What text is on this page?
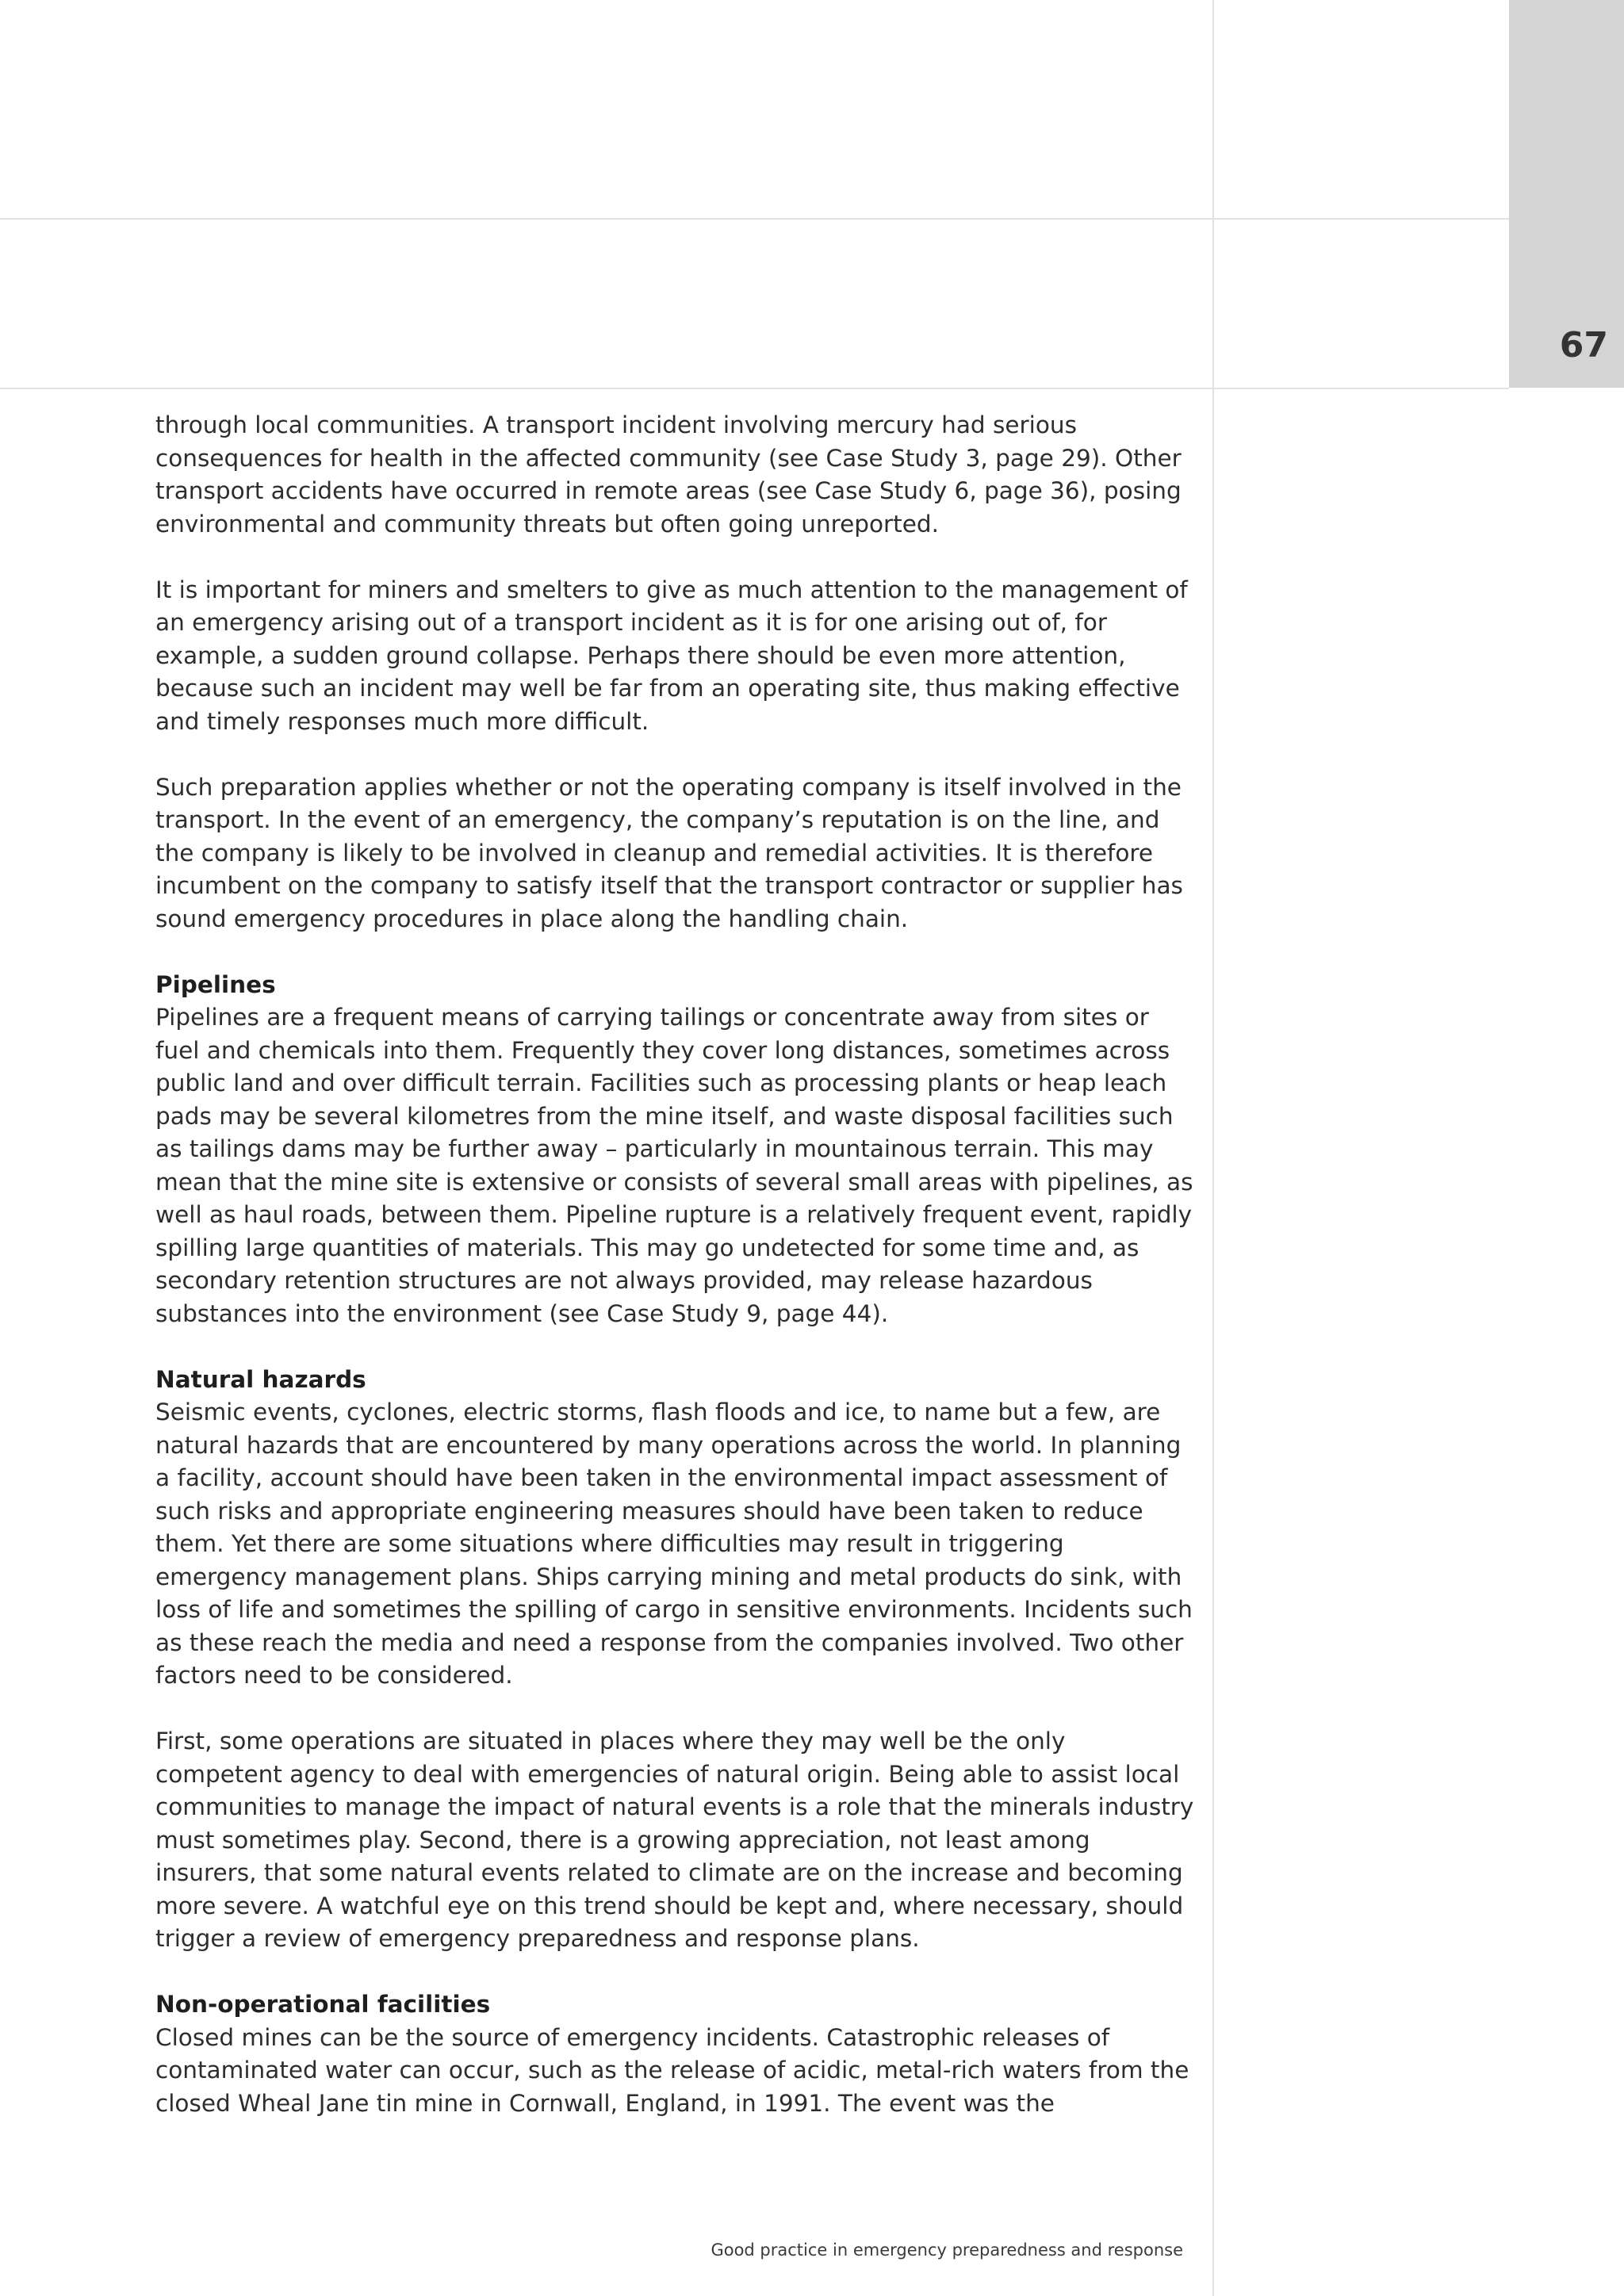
67

through local communities. A transport incident involving mercury had serious consequences for health in the affected community (see Case Study 3, page 29). Other transport accidents have occurred in remote areas (see Case Study 6, page 36), posing environmental and community threats but often going unreported.

It is important for miners and smelters to give as much attention to the management of an emergency arising out of a transport incident as it is for one arising out of, for example, a sudden ground collapse. Perhaps there should be even more attention, because such an incident may well be far from an operating site, thus making effective and timely responses much more difficult.

Such preparation applies whether or not the operating company is itself involved in the transport. In the event of an emergency, the company’s reputation is on the line, and the company is likely to be involved in cleanup and remedial activities. It is therefore incumbent on the company to satisfy itself that the transport contractor or supplier has sound emergency procedures in place along the handling chain.

Pipelines

Pipelines are a frequent means of carrying tailings or concentrate away from sites or fuel and chemicals into them. Frequently they cover long distances, sometimes across public land and over difficult terrain. Facilities such as processing plants or heap leach pads may be several kilometres from the mine itself, and waste disposal facilities such as tailings dams may be further away – particularly in mountainous terrain. This may mean that the mine site is extensive or consists of several small areas with pipelines, as well as haul roads, between them. Pipeline rupture is a relatively frequent event, rapidly spilling large quantities of materials. This may go undetected for some time and, as secondary retention structures are not always provided, may release hazardous substances into the environment (see Case Study 9, page 44).

Natural hazards

Seismic events, cyclones, electric storms, flash floods and ice, to name but a few, are natural hazards that are encountered by many operations across the world. In planning a facility, account should have been taken in the environmental impact assessment of such risks and appropriate engineering measures should have been taken to reduce them. Yet there are some situations where difficulties may result in triggering emergency management plans. Ships carrying mining and metal products do sink, with loss of life and sometimes the spilling of cargo in sensitive environments. Incidents such as these reach the media and need a response from the companies involved. Two other factors need to be considered.

First, some operations are situated in places where they may well be the only competent agency to deal with emergencies of natural origin. Being able to assist local communities to manage the impact of natural events is a role that the minerals industry must sometimes play. Second, there is a growing appreciation, not least among insurers, that some natural events related to climate are on the increase and becoming more severe. A watchful eye on this trend should be kept and, where necessary, should trigger a review of emergency preparedness and response plans.

Non-operational facilities

Closed mines can be the source of emergency incidents. Catastrophic releases of contaminated water can occur, such as the release of acidic, metal-rich waters from the closed Wheal Jane tin mine in Cornwall, England, in 1991. The event was the

Good practice in emergency preparedness and response
